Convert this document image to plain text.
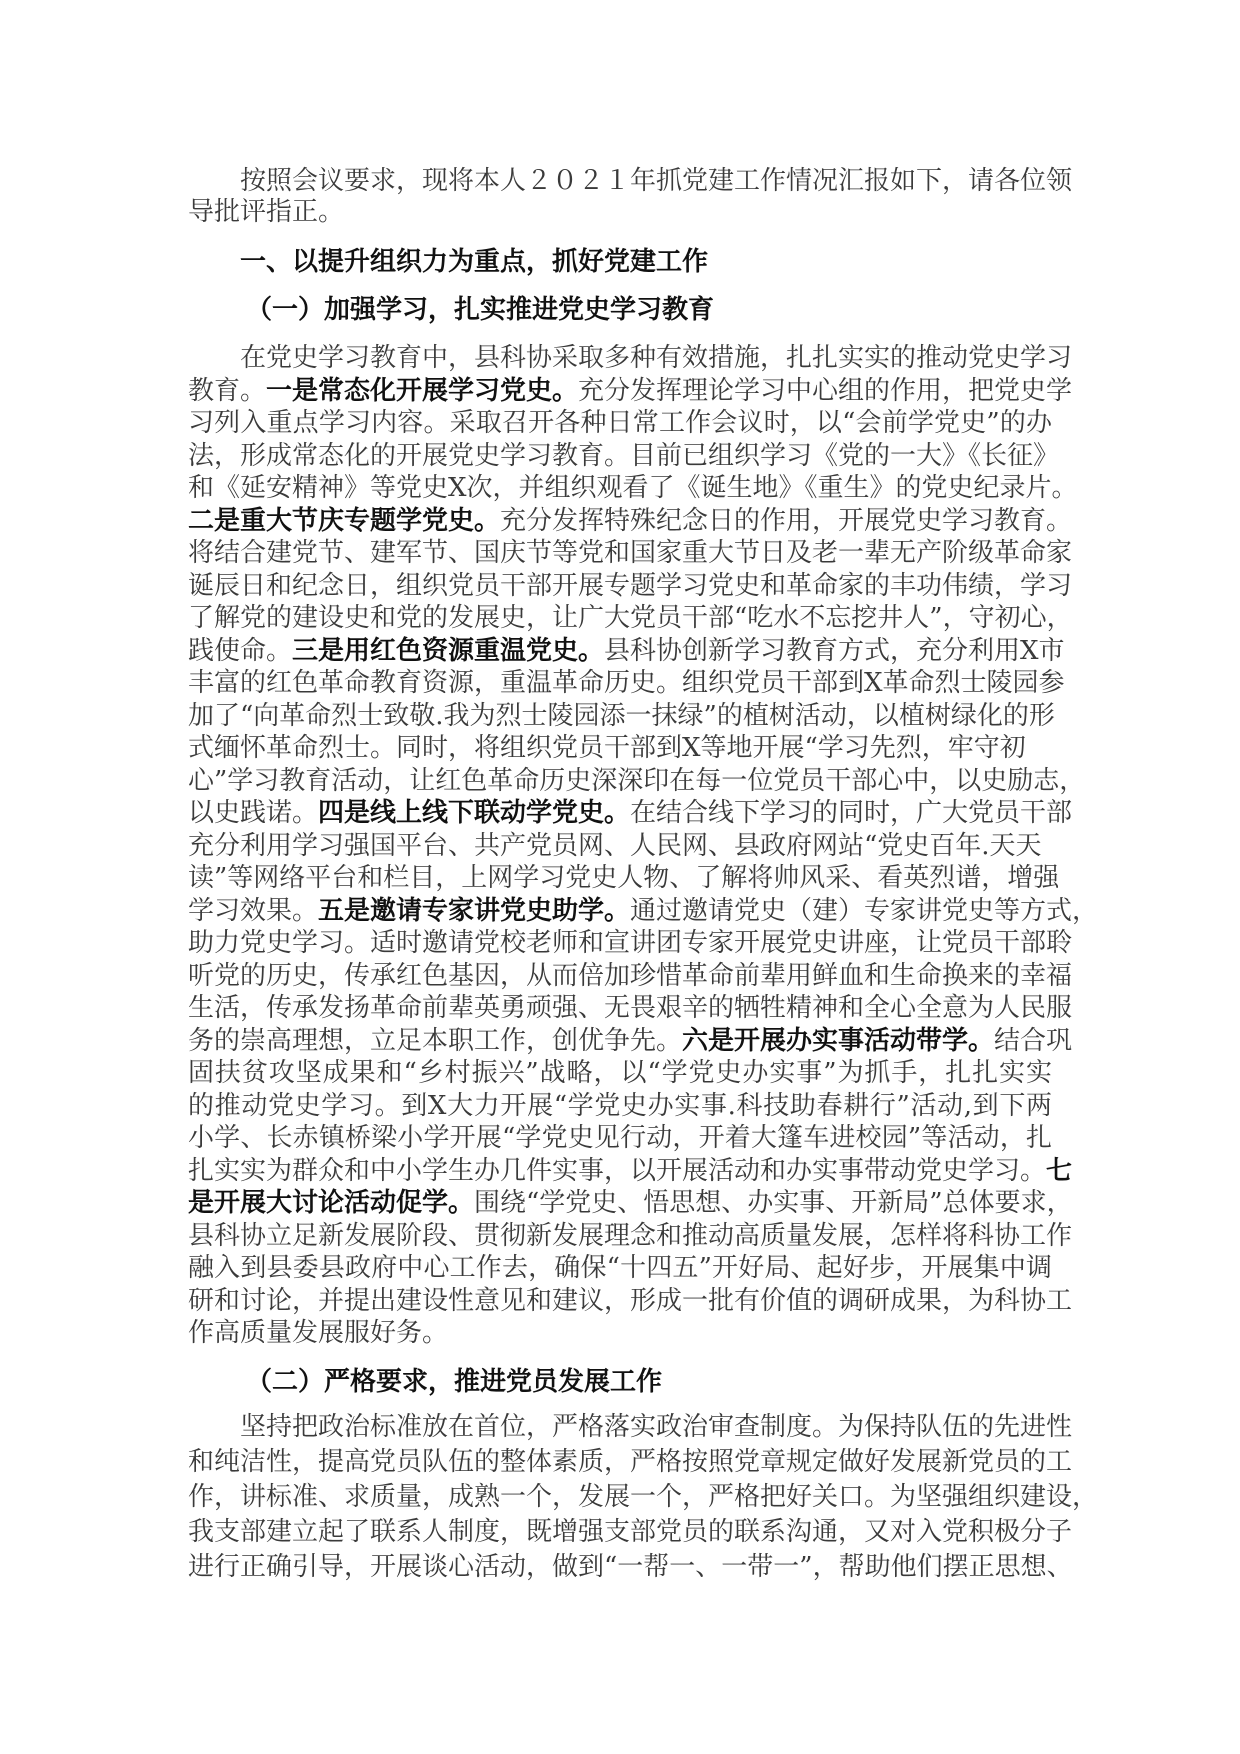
按照会议要求，现将本人２０２１年抓党建工作情况汇报如下，请各位领
导批评指正。
一、以提升组织力为重点，抓好党建工作
（一）加强学习，扎实推进党史学习教育
在党史学习教育中，县科协采取多种有效措施，扎扎实实的推动党史学习
教育。一是常态化开展学习党史。充分发挥理论学习中心组的作用，把党史学
习列入重点学习内容。采取召开各种日常工作会议时，以“会前学党史”的办
法，形成常态化的开展党史学习教育。目前已组织学习《党的一大》《长征》
和《延安精神》等党史X次，并组织观看了《诞生地》《重生》的党史纪录片。
二是重大节庆专题学党史。充分发挥特殊纪念日的作用，开展党史学习教育。
将结合建党节、建军节、国庆节等党和国家重大节日及老一辈无产阶级革命家
诞辰日和纪念日，组织党员干部开展专题学习党史和革命家的丰功伟绩，学习
了解党的建设史和党的发展史，让广大党员干部“吃水不忘挖井人”，守初心，
践使命。三是用红色资源重温党史。县科协创新学习教育方式，充分利用X市
丰富的红色革命教育资源，重温革命历史。组织党员干部到X革命烈士陵园参
加了“向革命烈士致敬.我为烈士陵园添一抹绿”的植树活动，以植树绿化的形
式缅怀革命烈士。同时，将组织党员干部到X等地开展“学习先烈，牢守初
心”学习教育活动，让红色革命历史深深印在每一位党员干部心中，以史励志，
以史践诺。四是线上线下联动学党史。在结合线下学习的同时，广大党员干部
充分利用学习强国平台、共产党员网、人民网、县政府网站“党史百年.天天
读”等网络平台和栏目，上网学习党史人物、了解将帅风采、看英烈谱，增强
学习效果。五是邀请专家讲党史助学。通过邀请党史（建）专家讲党史等方式，
助力党史学习。适时邀请党校老师和宣讲团专家开展党史讲座，让党员干部聆
听党的历史，传承红色基因，从而倍加珍惜革命前辈用鲜血和生命换来的幸福
生活，传承发扬革命前辈英勇顽强、无畏艰辛的牺牲精神和全心全意为人民服
务的崇高理想，立足本职工作，创优争先。六是开展办实事活动带学。结合巩
固扶贫攻坚成果和“乡村振兴”战略，以“学党史办实事”为抓手，扎扎实实
的推动党史学习。到X大力开展“学党史办实事.科技助春耕行”活动,到下两
小学、长赤镇桥梁小学开展“学党史见行动，开着大篷车进校园”等活动，扎
扎实实为群众和中小学生办几件实事，以开展活动和办实事带动党史学习。七
是开展大讨论活动促学。围绕“学党史、悟思想、办实事、开新局”总体要求，
县科协立足新发展阶段、贯彻新发展理念和推动高质量发展，怎样将科协工作
融入到县委县政府中心工作去，确保“十四五”开好局、起好步，开展集中调
研和讨论，并提出建设性意见和建议，形成一批有价值的调研成果，为科协工
作高质量发展服好务。
（二）严格要求，推进党员发展工作
坚持把政治标准放在首位，严格落实政治审查制度。为保持队伍的先进性
和纯洁性，提高党员队伍的整体素质，严格按照党章规定做好发展新党员的工
作，讲标准、求质量，成熟一个，发展一个，严格把好关口。为坚强组织建设，
我支部建立起了联系人制度，既增强支部党员的联系沟通，又对入党积极分子
进行正确引导，开展谈心活动，做到“一帮一、一带一”，帮助他们摆正思想、
